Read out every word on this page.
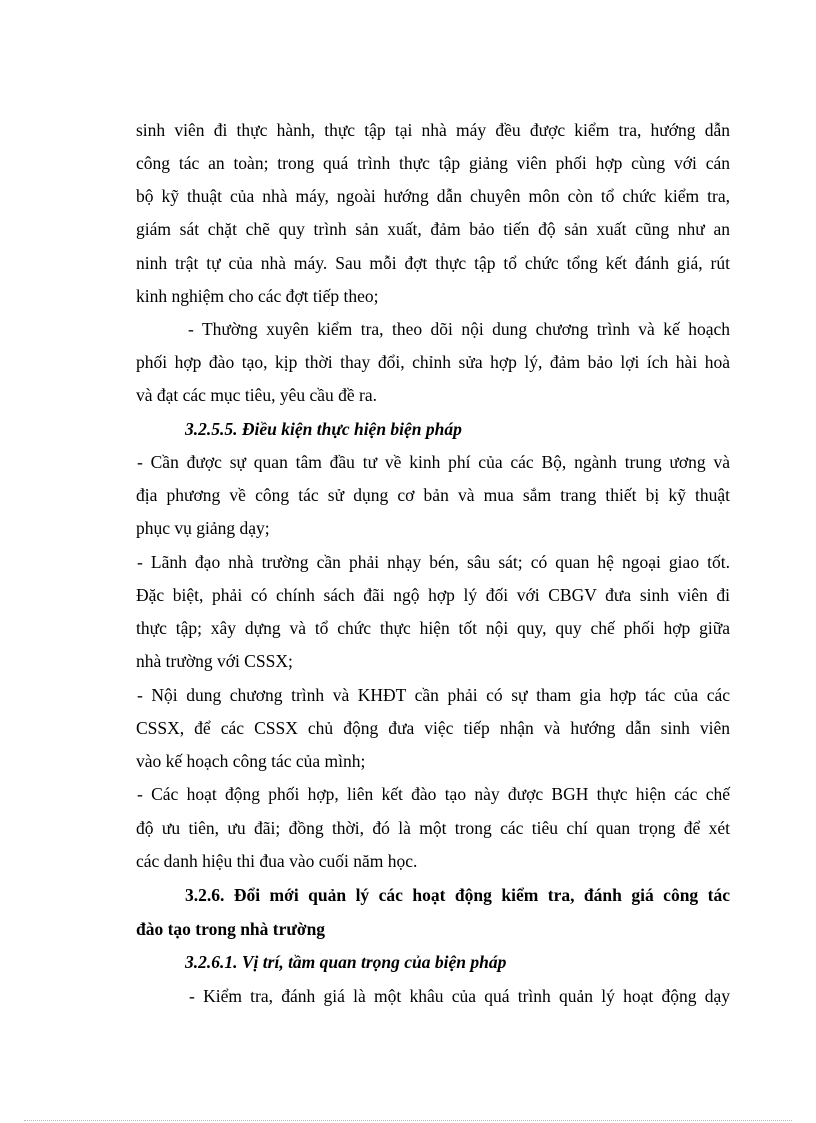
sinh viên đi thực hành, thực tập tại nhà máy đều được kiểm tra, hướng dẫn
công tác an toàn; trong quá trình thực tập giảng viên phối hợp cùng với cán
bộ kỹ thuật của nhà máy, ngoài hướng dẫn chuyên môn còn tổ chức kiểm tra,
giám sát chặt chẽ quy trình sản xuất, đảm bảo tiến độ sản xuất cũng như an
ninh trật tự của nhà máy. Sau mỗi đợt thực tập tổ chức tổng kết đánh giá, rút
kinh nghiệm cho các đợt tiếp theo;
- Thường xuyên kiểm tra, theo dõi nội dung chương trình và kế hoạch
phối hợp đào tạo, kịp thời thay đổi, chỉnh sửa hợp lý, đảm bảo lợi ích hài hoà
và đạt các mục tiêu, yêu cầu đề ra.
3.2.5.5. Điều kiện thực hiện biện pháp
- Cần được sự quan tâm đầu tư về kinh phí của các Bộ, ngành trung ương và
địa phương về công tác sử dụng cơ bản và mua sắm trang thiết bị kỹ thuật
phục vụ giảng dạy;
- Lãnh đạo nhà trường cần phải nhạy bén, sâu sát; có quan hệ ngoại giao tốt.
Đặc biệt, phải có chính sách đãi ngộ hợp lý đối với CBGV đưa sinh viên đi
thực tập; xây dựng và tổ chức thực hiện tốt nội quy, quy chế phối hợp giữa
nhà trường với CSSX;
- Nội dung chương trình và KHĐT cần phải có sự tham gia hợp tác của các
CSSX, để các CSSX chủ động đưa việc tiếp nhận và hướng dẫn sinh viên
vào kế hoạch công tác của mình;
- Các hoạt động phối hợp, liên kết đào tạo này được BGH thực hiện các chế
độ ưu tiên, ưu đãi; đồng thời, đó là một trong các tiêu chí quan trọng để xét
các danh hiệu thi đua vào cuối năm học.
3.2.6. Đổi mới quản lý các hoạt động kiểm tra, đánh giá công tác
đào tạo trong nhà trường
3.2.6.1. Vị trí, tầm quan trọng của biện pháp
- Kiểm tra, đánh giá là một khâu của quá trình quản lý hoạt động dạy
